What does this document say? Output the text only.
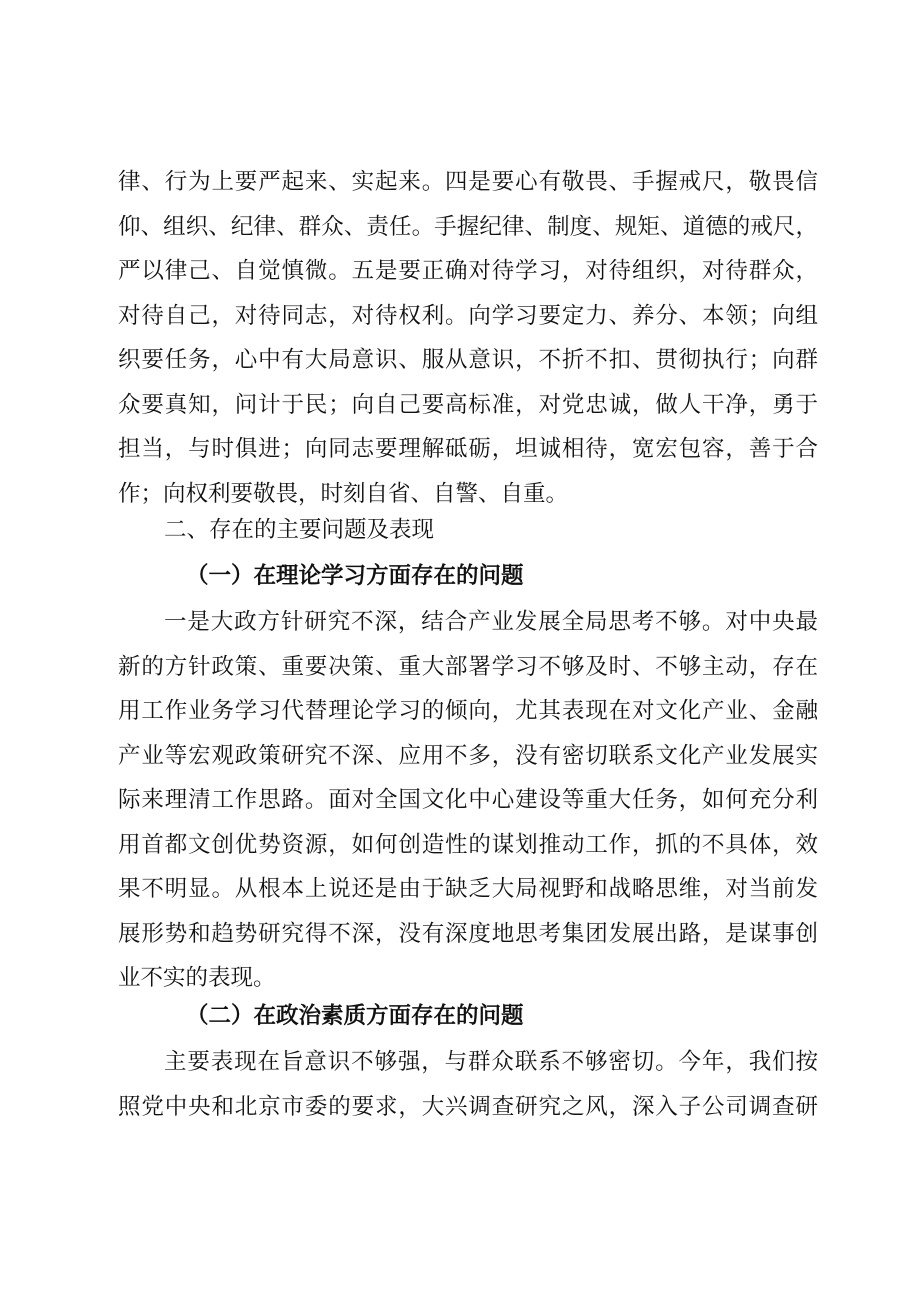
律、行为上要严起来、实起来。四是要心有敬畏、手握戒尺，敬畏信
仰、组织、纪律、群众、责任。手握纪律、制度、规矩、道德的戒尺，
严以律己、自觉慎微。五是要正确对待学习，对待组织，对待群众，
对待自己，对待同志，对待权利。向学习要定力、养分、本领；向组
织要任务，心中有大局意识、服从意识，不折不扣、贯彻执行；向群
众要真知，问计于民；向自己要高标准，对党忠诚，做人干净，勇于
担当，与时俱进；向同志要理解砥砺，坦诚相待，宽宏包容，善于合
作；向权利要敬畏，时刻自省、自警、自重。
二、存在的主要问题及表现
（一）在理论学习方面存在的问题
一是大政方针研究不深，结合产业发展全局思考不够。对中央最
新的方针政策、重要决策、重大部署学习不够及时、不够主动，存在
用工作业务学习代替理论学习的倾向，尤其表现在对文化产业、金融
产业等宏观政策研究不深、应用不多，没有密切联系文化产业发展实
际来理清工作思路。面对全国文化中心建设等重大任务，如何充分利
用首都文创优势资源，如何创造性的谋划推动工作，抓的不具体，效
果不明显。从根本上说还是由于缺乏大局视野和战略思维，对当前发
展形势和趋势研究得不深，没有深度地思考集团发展出路，是谋事创
业不实的表现。
（二）在政治素质方面存在的问题
主要表现在旨意识不够强，与群众联系不够密切。今年，我们按
照党中央和北京市委的要求，大兴调查研究之风，深入子公司调查研
